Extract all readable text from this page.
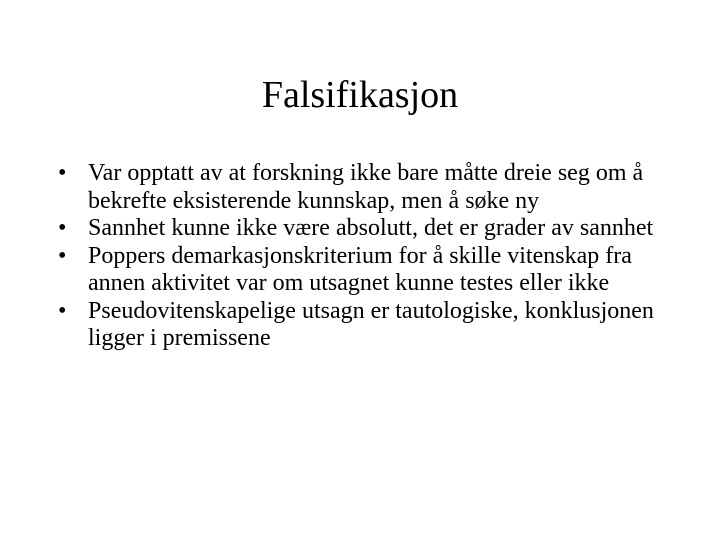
Falsifikasjon
• Var opptatt av at forskning ikke bare måtte dreie seg om å bekrefte eksisterende kunnskap, men å søke ny
• Sannhet kunne ikke være absolutt, det er grader av sannhet
• Poppers demarkasjonskriterium for å skille vitenskap fra annen aktivitet var om utsagnet kunne testes eller ikke
• Pseudovitenskapelige utsagn er tautologiske, konklusjonen ligger i premissene
